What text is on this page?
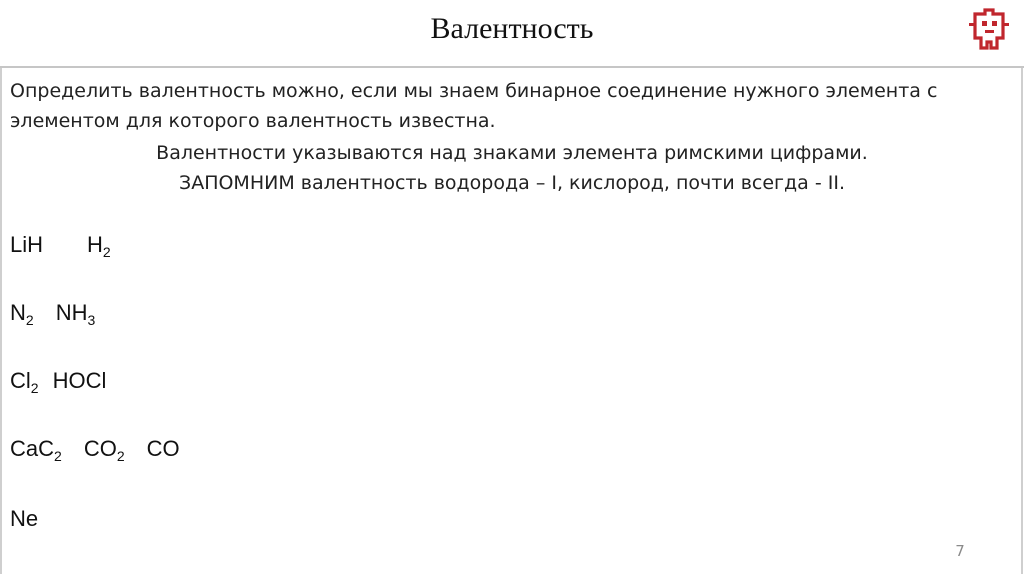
Валентность
Определить валентность можно, если мы знаем бинарное соединение нужного элемента с элементом для которого валентность известна.
Валентности указываются над знаками элемента римскими цифрами.
ЗАПОМНИМ валентность водорода – I, кислород, почти всегда - II.
LiH $H_2$
$N_2$ $NH_3$
$Cl_2$ HOCl
CaC$_2$ $CO_2$ CO
Ne
7
